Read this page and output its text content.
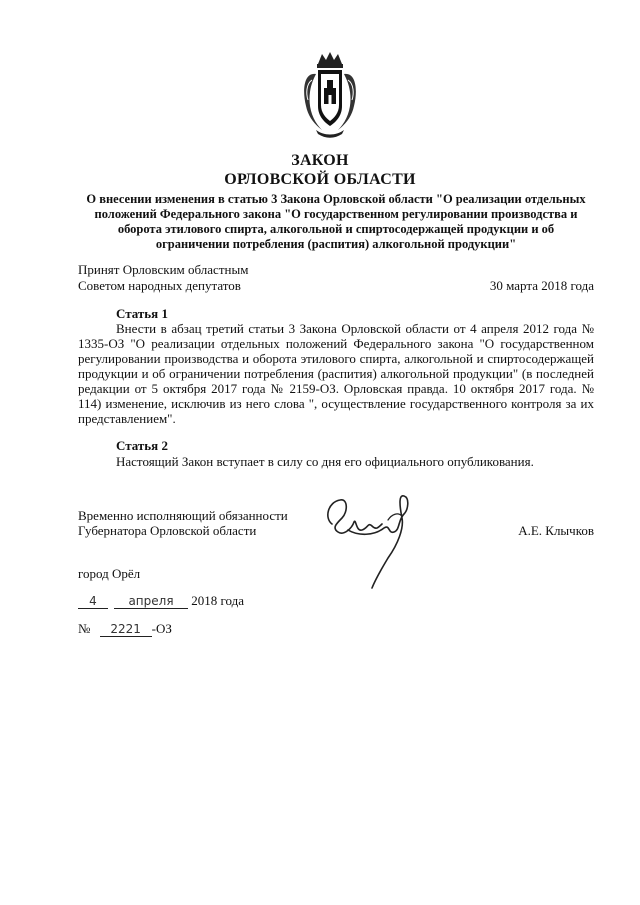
ЗАКОН
ОРЛОВСКОЙ ОБЛАСТИ
О внесении изменения в статью 3 Закона Орловской области "О реализации отдельных
положений Федерального закона "О государственном регулировании производства и
оборота этилового спирта, алкогольной и спиртосодержащей продукции и об
ограничении потребления (распития) алкогольной продукции"
Принят Орловским областным
Советом народных депутатов	30 марта 2018 года
Статья 1
Внести в абзац третий статьи 3 Закона Орловской области от 4 апреля 2012 года № 1335-ОЗ "О реализации отдельных положений Федерального закона "О государственном регулировании производства и оборота этилового спирта, алкогольной и спиртосодержащей продукции и об ограничении потребления (распития) алкогольной продукции" (в последней редакции от 5 октября 2017 года № 2159-ОЗ. Орловская правда. 10 октября 2017 года. № 114) изменение, исключив из него слова ", осуществление государственного контроля за их представлением".
Статья 2
Настоящий Закон вступает в силу со дня его официального опубликования.
Временно исполняющий обязанности
Губернатора Орловской области	А.Е. Клычков
город Орёл
4	апреля 2018 года
№ 2221 -ОЗ
